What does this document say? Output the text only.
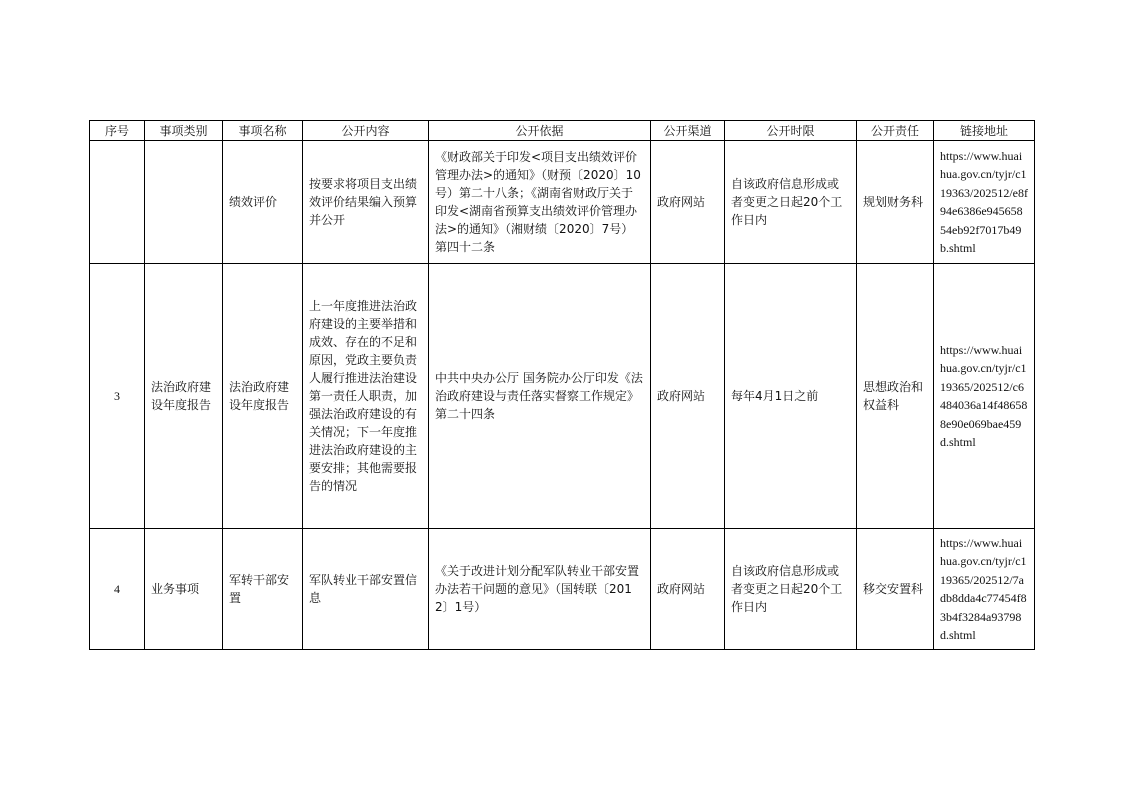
序号	事项类别	事项名称	公开内容	公开依据	公开渠道	公开时限	公开责任	链接地址
		绩效评价	按要求将项目支出绩效评价结果编入预算并公开	《财政部关于印发<项目支出绩效评价管理办法>的通知》（财预〔2020〕10号）第二十八条；《湖南省财政厅关于印发<湖南省预算支出绩效评价管理办法>的通知》（湘财绩〔2020〕7号）第四十二条	政府网站	自该政府信息形成或者变更之日起20个工作日内	规划财务科	https://www.huaihua.gov.cn/tyjr/c119363/202512/e8f94e6386e94565854eb92f7017b49b.shtml
3	法治政府建设年度报告	法治政府建设年度报告	上一年度推进法治政府建设的主要举措和成效、存在的不足和原因，党政主要负责人履行推进法治建设第一责任人职责，加强法治政府建设的有关情况；下一年度推进法治政府建设的主要安排；其他需要报告的情况	中共中央办公厅 国务院办公厅印发《法治政府建设与责任落实督察工作规定》第二十四条	政府网站	每年4月1日之前	思想政治和权益科	https://www.huaihua.gov.cn/tyjr/c119365/202512/c6484036a14f486588e90e069bae459d.shtml
4	业务事项	军转干部安置	军队转业干部安置信息	《关于改进计划分配军队转业干部安置办法若干问题的意见》（国转联〔2012〕1号）	政府网站	自该政府信息形成或者变更之日起20个工作日内	移交安置科	https://www.huaihua.gov.cn/tyjr/c119365/202512/7adb8dda4c77454f83b4f3284a93798d.shtml
